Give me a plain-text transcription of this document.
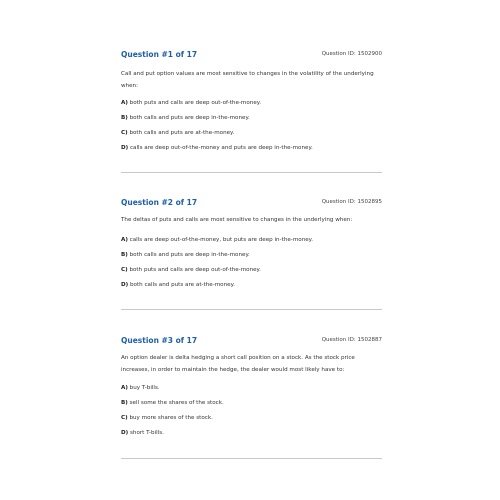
Question #1 of 17	Question ID: 1502900
Call and put option values are most sensitive to changes in the volatility of the underlying when:
A) both puts and calls are deep out-of-the-money.
B) both calls and puts are deep in-the-money.
C) both calls and puts are at-the-money.
D) calls are deep out-of-the-money and puts are deep in-the-money.
Question #2 of 17	Question ID: 1502895
The deltas of puts and calls are most sensitive to changes in the underlying when:
A) calls are deep out-of-the-money, but puts are deep in-the-money.
B) both calls and puts are deep in-the-money.
C) both puts and calls are deep out-of-the-money.
D) both calls and puts are at-the-money.
Question #3 of 17	Question ID: 1502887
An option dealer is delta hedging a short call position on a stock. As the stock price increases, in order to maintain the hedge, the dealer would most likely have to:
A) buy T-bills.
B) sell some the shares of the stock.
C) buy more shares of the stock.
D) short T-bills.
